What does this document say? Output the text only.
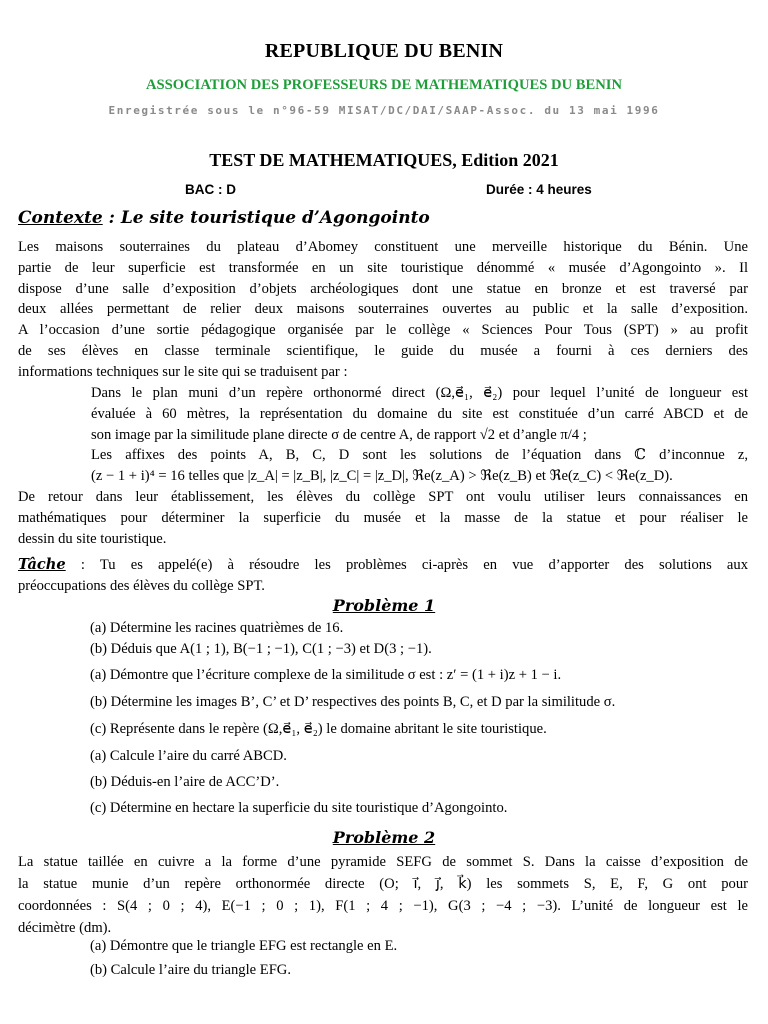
REPUBLIQUE DU BENIN
ASSOCIATION DES PROFESSEURS DE MATHEMATIQUES DU BENIN
Enregistrée sous le n°96-59 MISAT/DC/DAI/SAAP-Assoc. du 13 mai 1996
TEST DE MATHEMATIQUES, Edition 2021
BAC : D	Durée : 4 heures
Contexte : Le site touristique d’Agongointo
Les maisons souterraines du plateau d’Abomey constituent une merveille historique du Bénin. Une
partie de leur superficie est transformée en un site touristique dénommé « musée d’Agongointo ». Il
dispose d’une salle d’exposition d’objets archéologiques dont une statue en bronze et est traversé par
deux allées permettant de relier deux maisons souterraines ouvertes au public et la salle d’exposition.
A l’occasion d’une sortie pédagogique organisée par le collège « Sciences Pour Tous (SPT) » au profit
de ses élèves en classe terminale scientifique, le guide du musée a fourni à ces derniers des
informations techniques sur le site qui se traduisent par :
Dans le plan muni d’un repère orthonormé direct (Ω,e⃗₁, e⃗₂) pour lequel l’unité de longueur est
évaluée à 60 mètres, la représentation du domaine du site est constituée d’un carré ABCD et de
son image par la similitude plane directe σ de centre A, de rapport √2 et d’angle π/4 ;
Les affixes des points A, B, C, D sont les solutions de l’équation dans ℂ d’inconnue z,
(z − 1 + i)⁴ = 16 telles que |z_A| = |z_B|, |z_C| = |z_D|, ℜe(z_A) > ℜe(z_B) et ℜe(z_C) < ℜe(z_D).
De retour dans leur établissement, les élèves du collège SPT ont voulu utiliser leurs connaissances en
mathématiques pour déterminer la superficie du musée et la masse de la statue et pour réaliser le
dessin du site touristique.
Tâche : Tu es appelé(e) à résoudre les problèmes ci-après en vue d’apporter des solutions aux
préoccupations des élèves du collège SPT.
Problème 1
(a) Détermine les racines quatrièmes de 16.
(b) Déduis que A(1 ; 1), B(−1 ; −1), C(1 ; −3) et D(3 ; −1).
(a) Démontre que l’écriture complexe de la similitude σ est : z′ = (1 + i)z + 1 − i.
(b) Détermine les images B’, C’ et D’ respectives des points B, C, et D par la similitude σ.
(c) Représente dans le repère (Ω,e⃗₁, e⃗₂) le domaine abritant le site touristique.
(a) Calcule l’aire du carré ABCD.
(b) Déduis-en l’aire de ACC’D’.
(c) Détermine en hectare la superficie du site touristique d’Agongointo.
Problème 2
La statue taillée en cuivre a la forme d’une pyramide SEFG de sommet S. Dans la caisse d’exposition de
la statue munie d’un repère orthonormée directe (O; i⃗, j⃗, k⃗) les sommets S, E, F, G ont pour
coordonnées : S(4 ; 0 ; 4), E(−1 ; 0 ; 1), F(1 ; 4 ; −1), G(3 ; −4 ; −3). L’unité de longueur est le
décimètre (dm).
(a) Démontre que le triangle EFG est rectangle en E.
(b) Calcule l’aire du triangle EFG.
